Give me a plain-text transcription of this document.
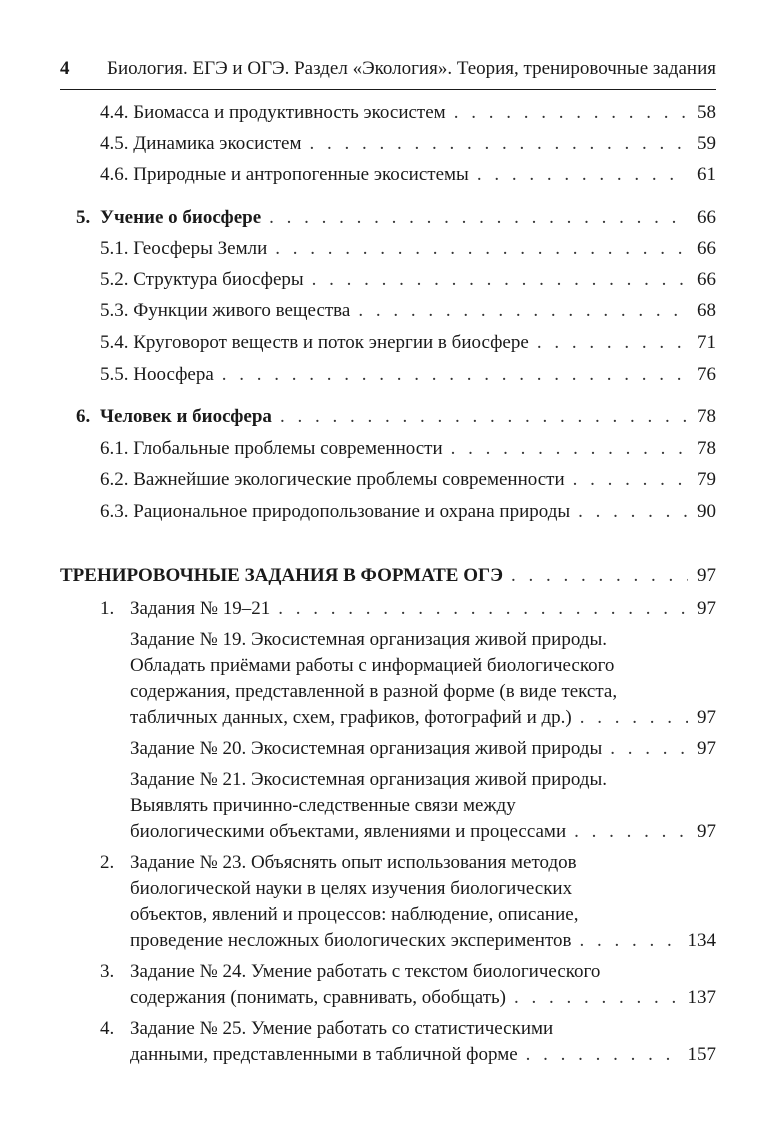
4 Биология. ЕГЭ и ОГЭ. Раздел «Экология». Теория, тренировочные задания
4.4. Биомасса и продуктивность экосистем . . .	58
4.5. Динамика экосистем . . .	59
4.6. Природные и антропогенные экосистемы . . .	61
5. Учение о биосфере . . .	66
5.1. Геосферы Земли . . .	66
5.2. Структура биосферы . . .	66
5.3. Функции живого вещества . . .	68
5.4. Круговорот веществ и поток энергии в биосфере . . .	71
5.5. Ноосфера . . .	76
6. Человек и биосфера . . .	78
6.1. Глобальные проблемы современности . . .	78
6.2. Важнейшие экологические проблемы современности . . .	79
6.3. Рациональное природопользование и охрана природы . . .	90
ТРЕНИРОВОЧНЫЕ ЗАДАНИЯ В ФОРМАТЕ ОГЭ . . .	97
1. Задания № 19–21 . . .	97
Задание № 19. Экосистемная организация живой природы.
Обладать приёмами работы с информацией биологического
содержания, представленной в разной форме (в виде текста,
табличных данных, схем, графиков, фотографий и др.) . . .	97
Задание № 20. Экосистемная организация живой природы . . .	97
Задание № 21. Экосистемная организация живой природы.
Выявлять причинно-следственные связи между
биологическими объектами, явлениями и процессами . . .	97
2. Задание № 23. Объяснять опыт использования методов
биологической науки в целях изучения биологических
объектов, явлений и процессов: наблюдение, описание,
проведение несложных биологических экспериментов . . .	134
3. Задание № 24. Умение работать с текстом биологического
содержания (понимать, сравнивать, обобщать) . . .	137
4. Задание № 25. Умение работать со статистическими
данными, представленными в табличной форме . . .	157
